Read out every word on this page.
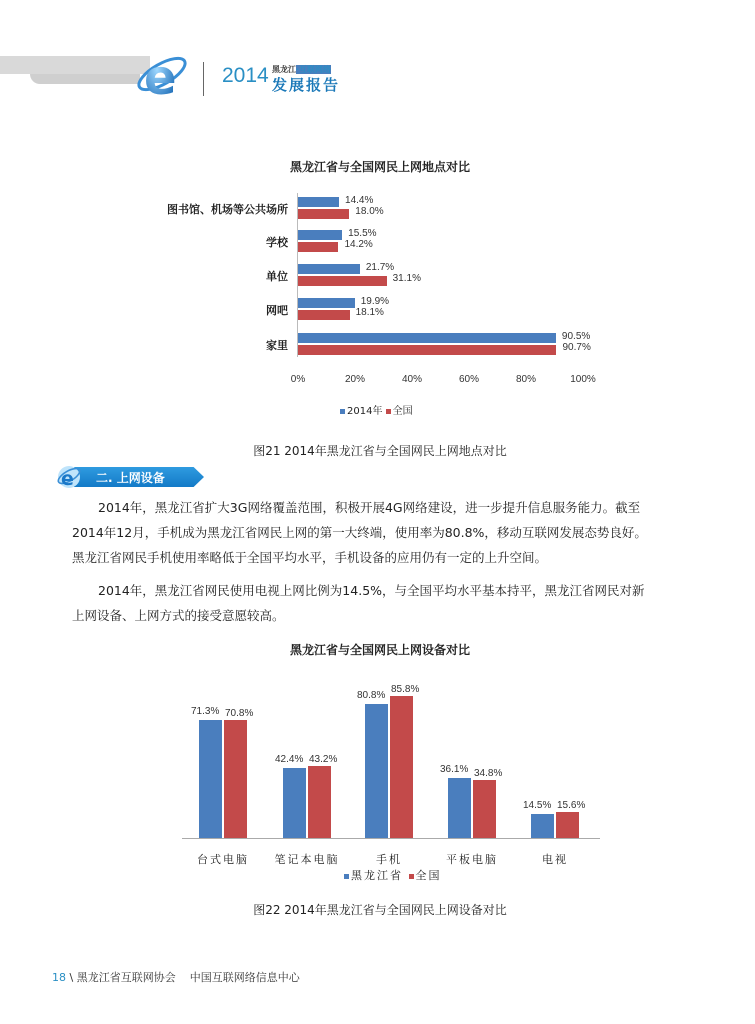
e 2014 黑龙江·互联网络
发展报告
黑龙江省与全国网民上网地点对比
图书馆、机场等公共场所
14.4%
18.0%
学校
15.5%
14.2%
单位
21.7%
31.1%
网吧
19.9%
18.1%
家里
90.5%
90.7%
0%	20%	40%	60%	80%	100%
2014年 全国
图21 2014年黑龙江省与全国网民上网地点对比
e 二. 上网设备
2014年，黑龙江省扩大3G网络覆盖范围，积极开展4G网络建设，进一步提升信息服务能力。截至
2014年12月，手机成为黑龙江省网民上网的第一大终端，使用率为80.8%，移动互联网发展态势良好。
黑龙江省网民手机使用率略低于全国平均水平，手机设备的应用仍有一定的上升空间。
2014年，黑龙江省网民使用电视上网比例为14.5%，与全国平均水平基本持平，黑龙江省网民对新
上网设备、上网方式的接受意愿较高。
黑龙江省与全国网民上网设备对比
71.3% 70.8%
台式电脑
42.4% 43.2%
笔记本电脑
80.8%
85.8%
手机
36.1% 34.8%
平板电脑
14.5% 15.6%
电视
黑龙江省 全国
图22 2014年黑龙江省与全国网民上网设备对比
18 \ 黑龙江省互联网协会 中国互联网络信息中心
